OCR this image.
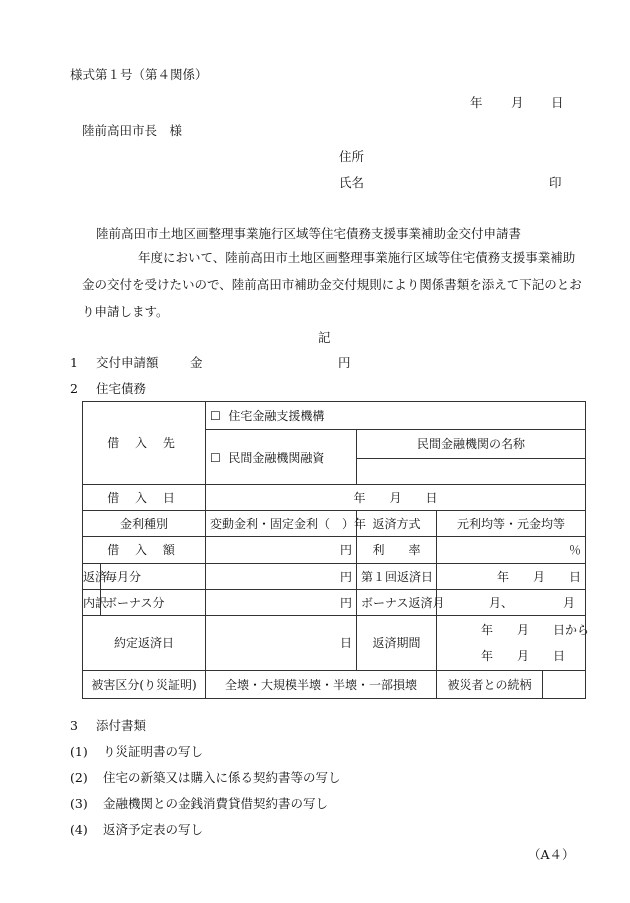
様式第１号（第４関係）
年 月 日
陸前高田市長　様
住所
氏名	印
陸前高田市土地区画整理事業施行区域等住宅債務支援事業補助金交付申請書
年度において、陸前高田市土地区画整理事業施行区域等住宅債務支援事業補助金の交付を受けたいので、陸前高田市補助金交付規則により関係書類を添えて下記のとおり申請します。
記
1 交付申請額	金	円
2 住宅債務
借 入 先		☐ 住宅金融支援機構			
		☐ 民間金融機関融資	民間金融機関の名称		

借 入 日		年　　月　　日			
金利種別		変動金利・固定金利（　）年	返済方式	元利均等・元金均等	
借 入 額		円	利　　率	％	
返済	毎月分	円	第１回返済日	年　　月　　日	
内訳	ボーナス分	円	ボーナス返済月	月、 月	
約定返済日		日	返済期間	年　　月　　日から
年　　月　　日	

被害区分(り災証明)		全壊・大規模半壊・半壊・一部損壊		被災者との続柄	
3 添付書類
(1) り災証明書の写し
(2) 住宅の新築又は購入に係る契約書等の写し
(3) 金融機関との金銭消費貸借契約書の写し
(4) 返済予定表の写し
（A４）
